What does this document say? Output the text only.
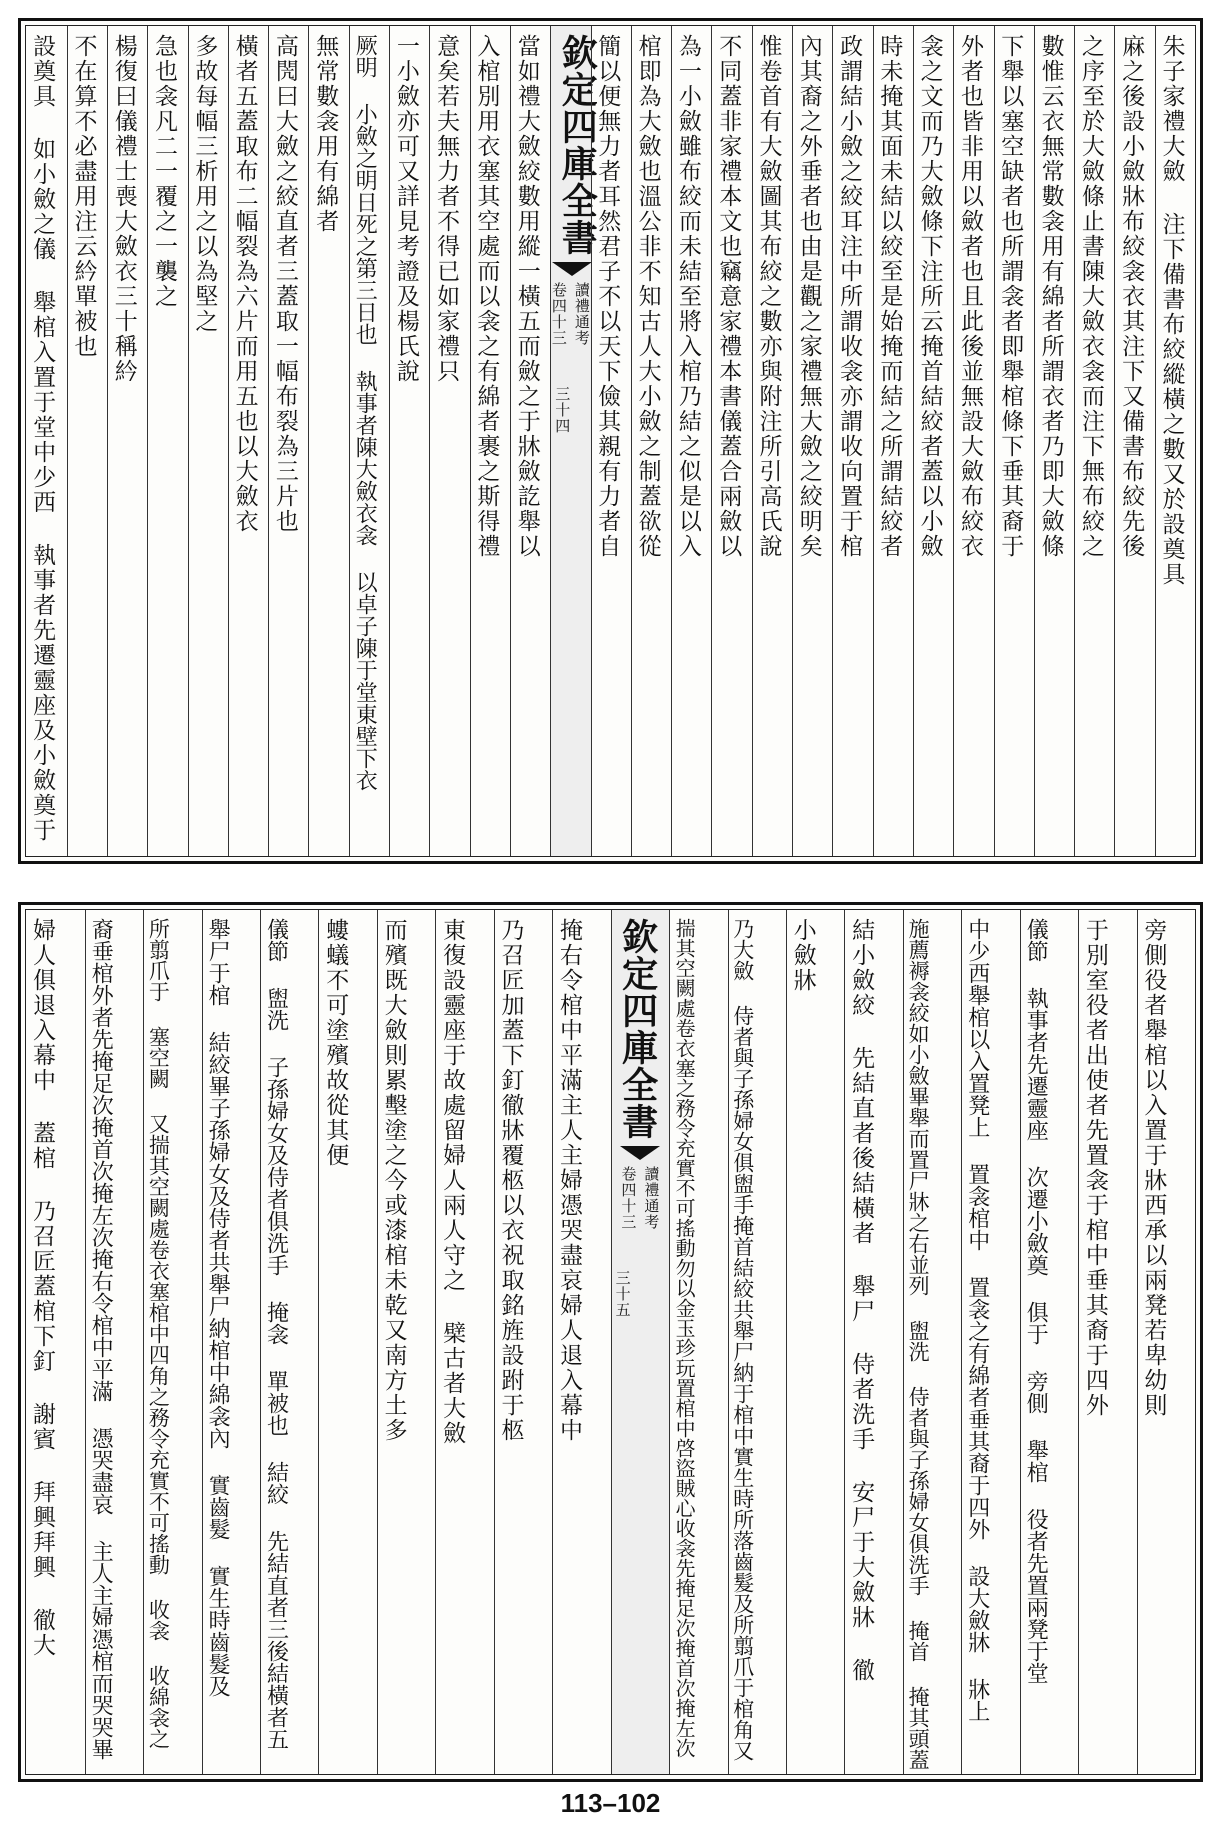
朱子家禮大斂 注下備書布絞縱橫之數又於設奠具
麻之後設小斂牀布絞衾衣其注下又備書布絞先後
之序至於大斂條止書陳大斂衣衾而注下無布絞之
數惟云衣無常數衾用有綿者所謂衣者乃即大斂條
下舉以塞空缺者也所謂衾者即舉棺條下垂其裔于
外者也皆非用以斂者也且此後並無設大斂布絞衣
衾之文而乃大斂條下注所云掩首結絞者蓋以小斂
時未掩其面未結以絞至是始掩而結之所謂結絞者
政謂結小斂之絞耳注中所謂收衾亦謂收向置于棺
內其裔之外垂者也由是觀之家禮無大斂之絞明矣
惟卷首有大斂圖其布絞之數亦與附注所引高氏說
不同蓋非家禮本文也竊意家禮本書儀蓋合兩斂以
為一小斂雖布絞而未結至將入棺乃結之似是以入
棺即為大斂也溫公非不知古人大小斂之制蓋欲從
簡以便無力者耳然君子不以天下儉其親有力者自
欽定四庫全書
讀禮通考
卷四十三
三十四
當如禮大斂絞數用縱一橫五而斂之于牀斂訖舉以
入棺別用衣塞其空處而以衾之有綿者裹之斯得禮
意矣若夫無力者不得已如家禮只
一小斂亦可又詳見考證及楊氏說
厥明 小斂之明日死之第三日也 執事者陳大斂衣衾 以卓子陳于堂東壁下衣
無常數衾用有綿者
高閌曰大斂之絞直者三蓋取一幅布裂為三片也
橫者五蓋取布二幅裂為六片而用五也以大斂衣
多故每幅三析用之以為堅之
急也衾凡二一覆之一襲之
楊復曰儀禮士喪大斂衣三十稱紟
不在算不必盡用注云紟單被也
設奠具 如小斂之儀 舉棺入置于堂中少西 執事者先遷靈座及小斂奠于
旁側役者舉棺以入置于牀西承以兩凳若卑幼則
于別室役者出使者先置衾于棺中垂其裔于四外
儀節 執事者先遷靈座 次遷小斂奠 俱于 旁側 舉棺 役者先置兩凳于堂
中少西舉棺以入置凳上 置衾棺中 置衾之有綿者垂其裔于四外 設大斂牀 牀上
施薦褥衾絞如小斂畢舉而置尸牀之右並列 盥洗 侍者與子孫婦女俱洗手 掩首 掩其頭蓋
結小斂絞 先結直者後結橫者 舉尸 侍者洗手 安尸于大斂牀 徹
小斂牀
乃大斂 侍者與子孫婦女俱盥手掩首結絞共舉尸納于棺中實生時所落齒髮及所翦爪于棺角又
揣其空闕處卷衣塞之務令充實不可搖動勿以金玉珍玩置棺中啓盜賊心收衾先掩足次掩首次掩左次
欽定四庫全書
讀禮通考
卷四十三
三十五
掩右令棺中平滿主人主婦憑哭盡哀婦人退入幕中
乃召匠加蓋下釘徹牀覆柩以衣祝取銘旌設跗于柩
東復設靈座于故處留婦人兩人守之 檗古者大斂
而殯既大斂則累墼塗之今或漆棺未乾又南方土多
螻蟻不可塗殯故從其便
儀節 盥洗 子孫婦女及侍者俱洗手 掩衾 單被也 結絞 先結直者三後結橫者五
舉尸于棺 結絞畢子孫婦女及侍者共舉尸納棺中綿衾內 實齒髮 實生時齒髮及
所翦爪于 塞空闕 又揣其空闕處卷衣塞棺中四角之務令充實不可搖動 收衾 收綿衾之
裔垂棺外者先掩足次掩首次掩左次掩右令棺中平滿 憑哭盡哀 主人主婦憑棺而哭哭畢
婦人俱退入幕中 蓋棺 乃召匠蓋棺下釘 謝賓 拜興拜興 徹大
113–102
